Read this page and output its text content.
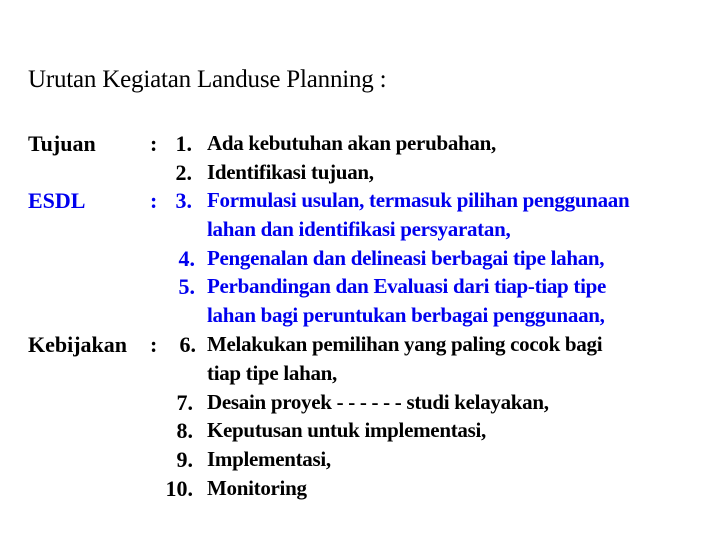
Urutan Kegiatan Landuse Planning :
Tujuan :
ESDL	:
Kebijakan :
1.
2.
3.
4.
5.
6.
7.
8.
9.
10.
Ada kebutuhan akan perubahan,
Identifikasi tujuan,
Formulasi usulan, termasuk pilihan penggunaan
lahan dan identifikasi persyaratan,
Pengenalan dan delineasi berbagai tipe lahan,
Perbandingan dan Evaluasi dari tiap-tiap tipe
lahan bagi peruntukan berbagai penggunaan,
Melakukan pemilihan yang paling cocok bagi
tiap tipe lahan,
Desain proyek - - - - - - studi kelayakan,
Keputusan untuk implementasi,
Implementasi,
Monitoring
